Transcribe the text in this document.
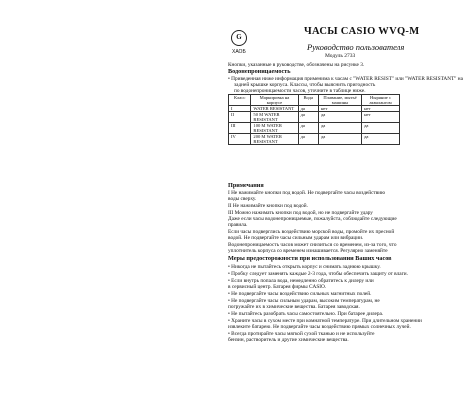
G
ХАОБ
ЧАСЫ CASIO WVQ-M
Руководство пользователя
Модуль 2733
Кнопки, указанные в руководстве, обозначены на рисунке 3.
Водонепроницаемость
• Приведенная ниже информация применима к часам с "WATER RESIST" или "WATER RESISTANT" на
задней крышке корпуса. Классы, чтобы выяснить пригодность
по водонепроницаемости часов, уточните в таблице ниже.
Класс	Маркировка на корпусе	Вода	Плавание, мытьё машины	Ныряние с аквалангом
I	WATER RESISTANT	да	нет	нет
II	50 M WATER RESISTANT	да	да	нет
III	100 M WATER RESISTANT	да	да	да
IV	200 M WATER RESISTANT	да	да	да
Примечания
I Не нажимайте кнопки под водой. Не подвергайте часы воздействию
воды сверху.
II Не нажимайте кнопки под водой.
III Можно нажимать кнопки под водой, но не подвергайте удару
Даже если часы водонепроницаемые, пожалуйста, соблюдайте следующие
правила.
Если часы подверглись воздействию морской воды, промойте их пресной
водой. Не подвергайте часы сильным ударам или вибрации.
Водонепроницаемость часов может снизиться со временем, из-за того, что
уплотнитель корпуса со временем изнашивается. Регулярно заменяйте
Меры предосторожности при использовании Ваших часов
• Никогда не пытайтесь открыть корпус и снимать заднюю крышку.
• Пробку следует заменять каждые 2-3 года, чтобы обеспечить защиту от влаги.
• Если внутрь попала вода, немедленно обратитесь к дилеру или
в сервисный центр. Батарея фирмы CASIO.
• Не подвергайте часы воздействию сильных магнитных полей.
• Не подвергайте часы сильным ударам, высоким температурам, не
погружайте их в химические вещества. Батарея заводская.
• Не пытайтесь разобрать часы самостоятельно. При батарее дилера.
• Храните часы в сухом месте при комнатной температуре. При длительном хранении
извлеките батарею. Не подвергайте часы воздействию прямых солнечных лучей.
• Всегда протирайте часы мягкой сухой тканью и не используйте
бензин, растворитель и другие химические вещества.
